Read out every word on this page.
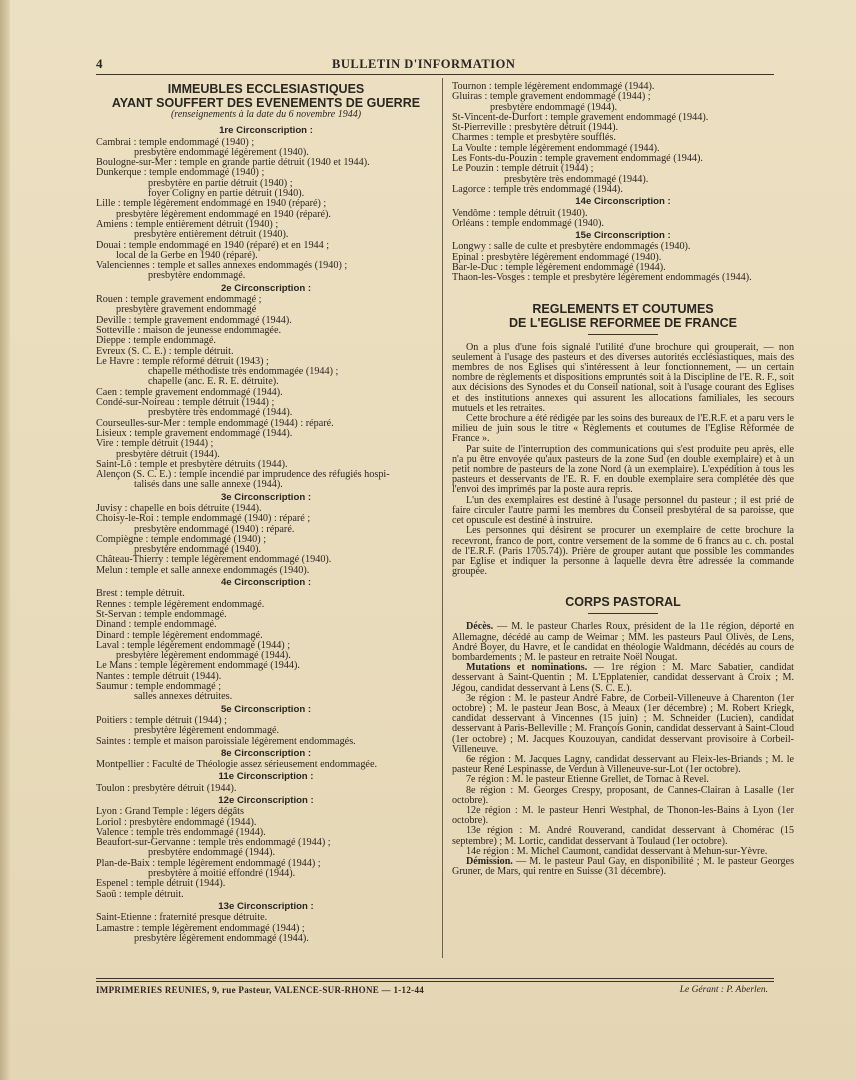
4	BULLETIN D'INFORMATION
IMMEUBLES ECCLESIASTIQUES
AYANT SOUFFERT DES EVENEMENTS DE GUERRE
(renseignements à la date du 6 novembre 1944)
1re Circonscription :
Cambrai : temple endommagé (1940) ;
presbytère endommagé légèrement (1940).
Boulogne-sur-Mer : temple en grande partie détruit (1940 et 1944).
Dunkerque : temple endommagé (1940) ;
presbytère en partie détruit (1940) ;
foyer Coligny en partie détruit (1940).
Lille : temple légèrement endommagé en 1940 (réparé) ;
presbytère légèrement endommagé en 1940 (réparé).
Amiens : temple entièrement détruit (1940) ;
presbytère entièrement détruit (1940).
Douai : temple endommagé en 1940 (réparé) et en 1944 ;
local de la Gerbe en 1940 (réparé).
Valenciennes : temple et salles annexes endommagés (1940) ;
presbytère endommagé.
2e Circonscription :
Rouen : temple gravement endommagé ;
presbytère gravement endommagé
Deville : temple gravement endommagé (1944).
Sotteville : maison de jeunesse endommagée.
Dieppe : temple endommagé.
Evreux (S. C. E.) : temple détruit.
Le Havre : temple réformé détruit (1943) ;
chapelle méthodiste très endommagée (1944) ;
chapelle (anc. E. R. E. détruite).
Caen : temple gravement endommagé (1944).
Condé-sur-Noireau : temple détruit (1944) ;
presbytère très endommagé (1944).
Courseulles-sur-Mer : temple endommagé (1944) : réparé.
Lisieux : temple gravement endommagé (1944).
Vire : temple détruit (1944) ;
presbytère détruit (1944).
Saint-Lô : temple et presbytère détruits (1944).
Alençon (S. C. E.) : temple incendié par imprudence des réfugiés hospi-
talisés dans une salle annexe (1944).
3e Circonscription :
Juvisy : chapelle en bois détruite (1944).
Choisy-le-Roi : temple endommagé (1940) : réparé ;
presbytère endommagé (1940) : réparé.
Compiègne : temple endommagé (1940) ;
presbytère endommagé (1940).
Château-Thierry : temple légèrement endommagé (1940).
Melun : temple et salle annexe endommagés (1940).
4e Circonscription :
Brest : temple détruit.
Rennes : temple légèrement endommagé.
St-Servan : temple endommagé.
Dinand : temple endommagé.
Dinard : temple légèrement endommagé.
Laval : temple légèrement endommagé (1944) ;
presbytère légèrement endommagé (1944).
Le Mans : temple légèrement endommagé (1944).
Nantes : temple détruit (1944).
Saumur : temple endommagé ;
salles annexes détruites.
5e Circonscription :
Poitiers : temple détruit (1944) ;
presbytère légèrement endommagé.
Saintes : temple et maison paroissiale légèrement endommagés.
8e Circonscription :
Montpellier : Faculté de Théologie assez sérieusement endommagée.
11e Circonscription :
Toulon : presbytère détruit (1944).
12e Circonscription :
Lyon : Grand Temple : légers dégâts
Loriol : presbytère endommagé (1944).
Valence : temple très endommagé (1944).
Beaufort-sur-Gervanne : temple très endommagé (1944) ;
presbytère endommagé (1944).
Plan-de-Baix : temple légèrement endommagé (1944) ;
presbytère à moitié effondré (1944).
Espenel : temple détruit (1944).
Saoû : temple détruit.
13e Circonscription :
Saint-Etienne : fraternité presque détruite.
Lamastre : temple légèrement endommagé (1944) ;
presbytère légèrement endommagé (1944).
Tournon : temple légèrement endommagé (1944).
Gluiras : temple gravement endommagé (1944) ;
presbytère endommagé (1944).
St-Vincent-de-Durfort : temple gravement endommagé (1944).
St-Pierreville : presbytère détruit (1944).
Charmes : temple et presbytère soufflés.
La Voulte : temple légèrement endommagé (1944).
Les Fonts-du-Pouzin : temple gravement endommagé (1944).
Le Pouzin : temple détruit (1944) ;
presbytère très endommagé (1944).
Lagorce : temple très endommagé (1944).
14e Circonscription :
Vendôme : temple détruit (1940).
Orléans : temple endommagé (1940).
15e Circonscription :
Longwy : salle de culte et presbytère endommagés (1940).
Epinal : presbytère légèrement endommagé (1940).
Bar-le-Duc : temple légèrement endommagé (1944).
Thaon-les-Vosges : temple et presbytère légèrement endommagés (1944).
REGLEMENTS ET COUTUMES
DE L'EGLISE REFORMEE DE FRANCE

On a plus d'une fois signalé l'utilité d'une brochure qui grouperait, — non seulement à l'usage des pasteurs et des diverses autorités ecclésiastiques, mais des membres de nos Eglises qui s'intéressent à leur fonctionnement, — un certain nombre de règlements et dispositions empruntés soit à la Discipline de l'E. R. F., soit aux décisions des Synodes et du Conseil national, soit à l'usage courant des Eglises et des institutions annexes qui assurent les allocations familiales, les secours mutuels et les retraites.

Cette brochure a été rédigée par les soins des bureaux de l'E.R.F. et a paru vers le milieu de juin sous le titre « Règlements et coutumes de l'Eglise Réformée de France ».

Par suite de l'interruption des communications qui s'est produite peu après, elle n'a pu être envoyée qu'aux pasteurs de la zone Sud (en double exemplaire) et à un petit nombre de pasteurs de la zone Nord (à un exemplaire). L'expédition à tous les pasteurs et desservants de l'E. R. F. en double exemplaire sera complétée dès que l'envoi des imprimés par la poste aura repris.

L'un des exemplaires est destiné à l'usage personnel du pasteur ; il est prié de faire circuler l'autre parmi les membres du Conseil presbytéral de sa paroisse, que cet opuscule est destiné à instruire.

Les personnes qui désirent se procurer un exemplaire de cette brochure la recevront, franco de port, contre versement de la somme de 6 francs au c. ch. postal de l'E.R.F. (Paris 1705.74)). Prière de grouper autant que possible les commandes par Eglise et indiquer la personne à laquelle devra être adressée la commande groupée.

CORPS PASTORAL

Décès. — M. le pasteur Charles Roux, président de la 11e région, déporté en Allemagne, décédé au camp de Weimar ; MM. les pasteurs Paul Olivès, de Lens, André Boyer, du Havre, et le candidat en théologie Waldmann, décédés au cours de bombardements ; M. le pasteur en retraite Noël Nougat.

Mutations et nominations. — 1re région : M. Marc Sabatier, candidat desservant à Saint-Quentin ; M. L'Epplatenier, candidat desservant à Croix ; M. Jégou, candidat desservant à Lens (S. C. E.).

3e région : M. le pasteur André Fabre, de Corbeil-Villeneuve à Charenton (1er octobre) ; M. le pasteur Jean Bosc, à Meaux (1er décembre) ; M. Robert Kriegk, candidat desservant à Vincennes (15 juin) ; M. Schneider (Lucien), candidat desservant à Paris-Belleville ; M. François Gonin, candidat desservant à Saint-Cloud (1er octobre) ; M. Jacques Kouzouyan, candidat desservant provisoire à Corbeil-Villeneuve.

6e région : M. Jacques Lagny, candidat desservant au Fleix-les-Briands ; M. le pasteur René Lespinasse, de Verdun à Villeneuve-sur-Lot (1er octobre).

7e région : M. le pasteur Etienne Grellet, de Tornac à Revel.

8e région : M. Georges Crespy, proposant, de Cannes-Clairan à Lasalle (1er octobre).

12e région : M. le pasteur Henri Westphal, de Thonon-les-Bains à Lyon (1er octobre).

13e région : M. André Rouverand, candidat desservant à Chomérac (15 septembre) ; M. Lortic, candidat desservant à Toulaud (1er octobre).

14e région : M. Michel Caumont, candidat desservant à Mehun-sur-Yèvre.

Démission. — M. le pasteur Paul Gay, en disponibilité ; M. le pasteur Georges Gruner, de Mars, qui rentre en Suisse (31 décembre).

IMPRIMERIES REUNIES, 9, rue Pasteur, VALENCE-SUR-RHONE — 1-12-44	Le Gérant : P. Aberlen.
